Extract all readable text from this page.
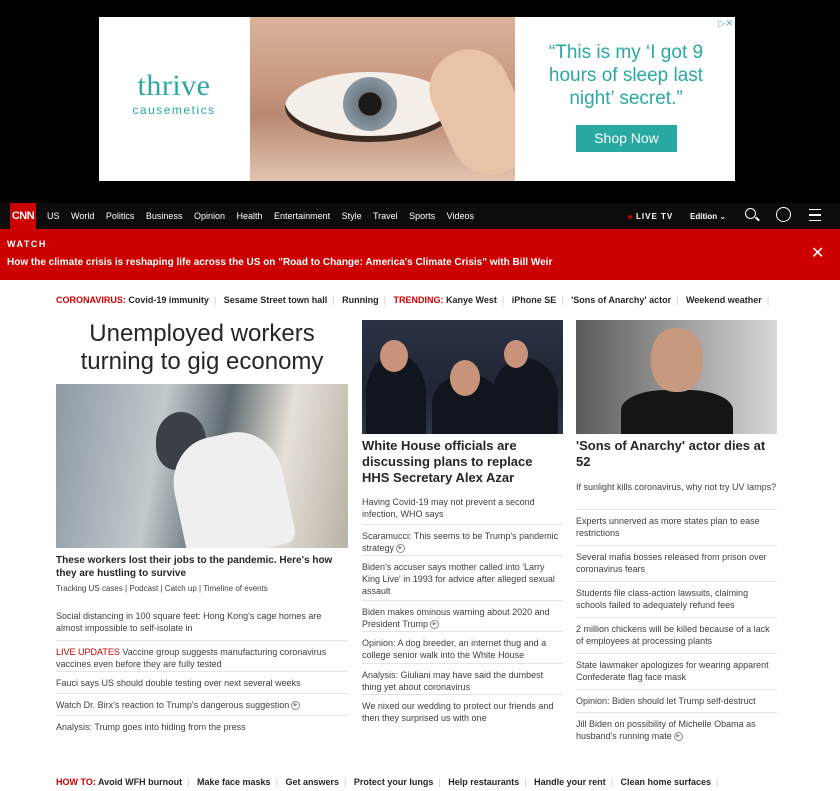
thrive
causemetics
“This is my ‘I got 9 hours of sleep last night’ secret.”
Shop Now
▷✕
CNN US World Politics Business Opinion Health Entertainment Style Travel Sports Videos	LIVE TV Edition ⌄
WATCH
How the climate crisis is reshaping life across the US on "Road to Change: America's Climate Crisis" with Bill Weir
✕
CORONAVIRUS: Covid-19 immunity | Sesame Street town hall | Running | TRENDING: Kanye West | iPhone SE | 'Sons of Anarchy' actor | Weekend weather |
Unemployed workers turning to gig economy
These workers lost their jobs to the pandemic. Here's how they are hustling to survive
Tracking US cases | Podcast | Catch up | Timeline of events
Social distancing in 100 square feet: Hong Kong's cage homes are almost impossible to self-isolate in
LIVE UPDATES Vaccine group suggests manufacturing coronavirus vaccines even before they are fully tested
Fauci says US should double testing over next several weeks
Watch Dr. Birx's reaction to Trump's dangerous suggestion ▶
Analysis: Trump goes into hiding from the press
White House officials are discussing plans to replace HHS Secretary Alex Azar
Having Covid-19 may not prevent a second infection, WHO says
Scaramucci: This seems to be Trump's pandemic strategy ▶
Biden's accuser says mother called into 'Larry King Live' in 1993 for advice after alleged sexual assault
Biden makes ominous warning about 2020 and President Trump ▶
Opinion: A dog breeder, an internet thug and a college senior walk into the White House
Analysis: Giuliani may have said the dumbest thing yet about coronavirus
We nixed our wedding to protect our friends and then they surprised us with one
'Sons of Anarchy' actor dies at 52
If sunlight kills coronavirus, why not try UV lamps?
Experts unnerved as more states plan to ease restrictions
Several mafia bosses released from prison over coronavirus fears
Students file class-action lawsuits, claiming schools failed to adequately refund fees
2 million chickens will be killed because of a lack of employees at processing plants
State lawmaker apologizes for wearing apparent Confederate flag face mask
Opinion: Biden should let Trump self-destruct
Jill Biden on possibility of Michelle Obama as husband's running mate ▶
HOW TO: Avoid WFH burnout | Make face masks | Get answers | Protect your lungs | Help restaurants | Handle your rent | Clean home surfaces |
